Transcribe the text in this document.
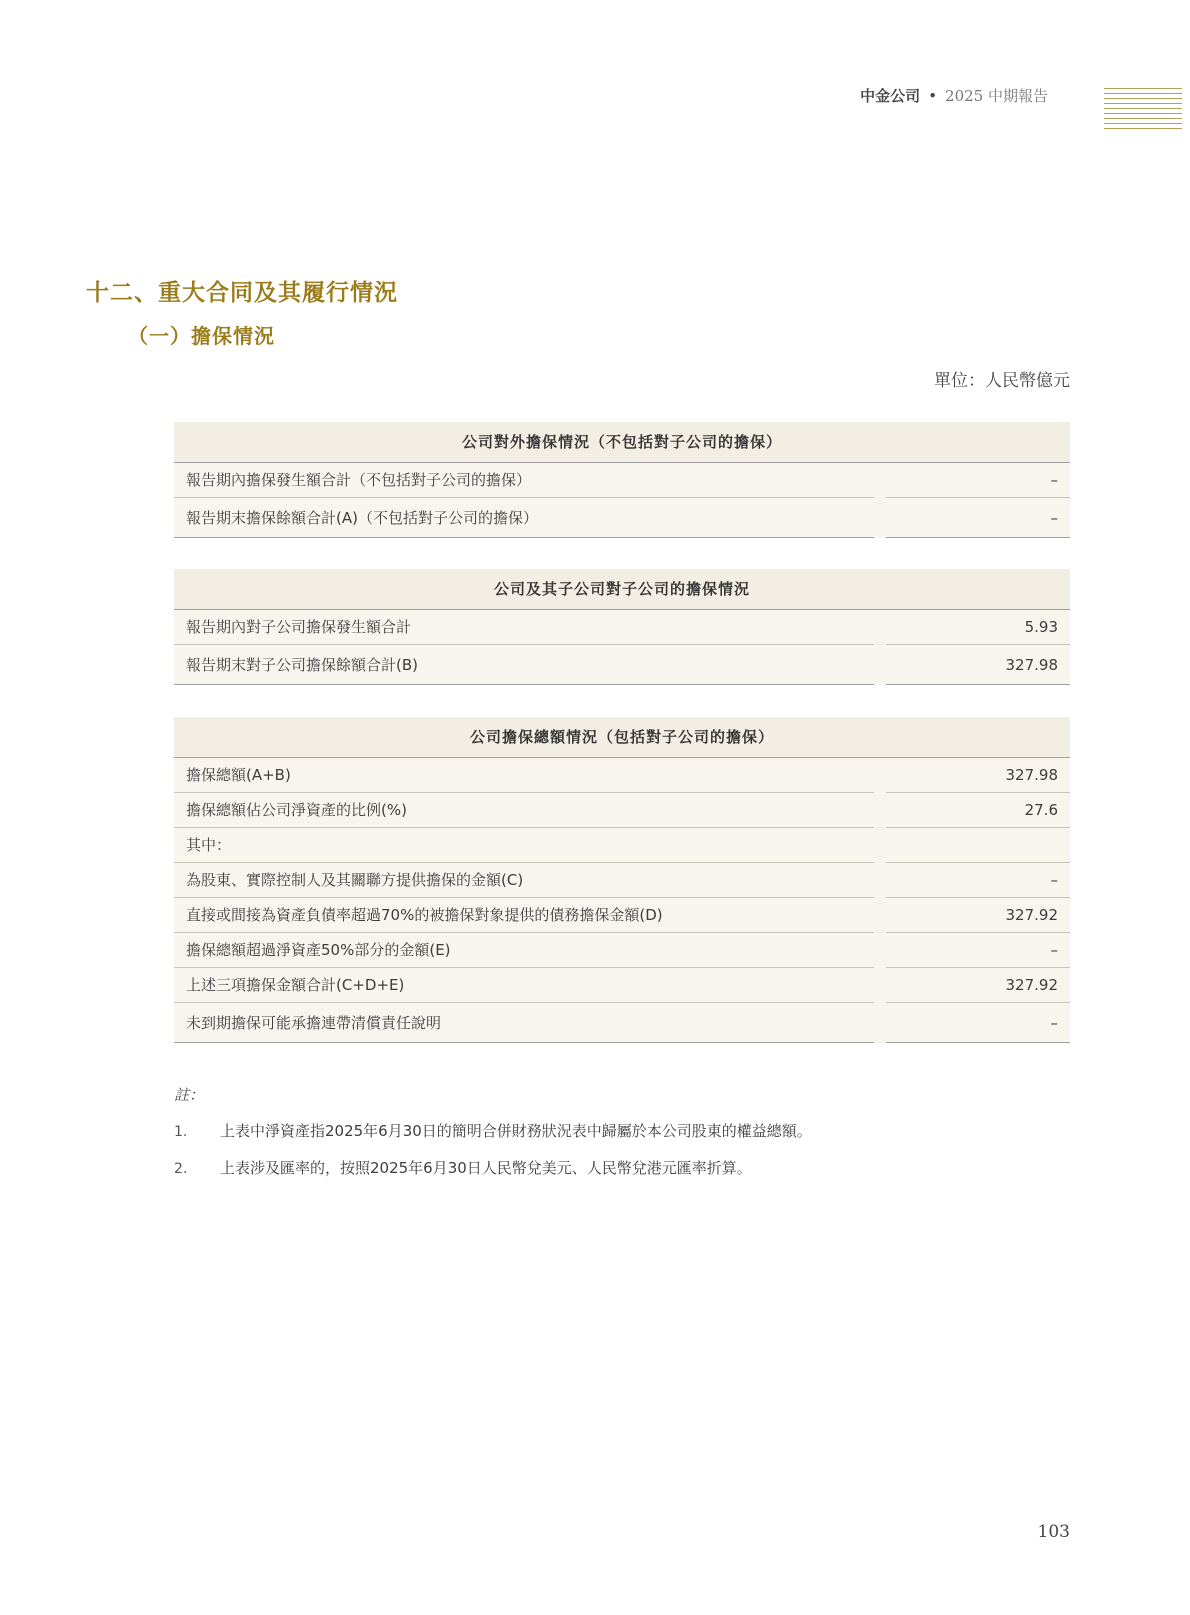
中金公司 • 2025 中期報告
十二、重大合同及其履行情況
（一）擔保情況
單位：人民幣億元
公司對外擔保情況（不包括對子公司的擔保）
報告期內擔保發生額合計（不包括對子公司的擔保）	–
報告期末擔保餘額合計(A)（不包括對子公司的擔保）	–
公司及其子公司對子公司的擔保情況
報告期內對子公司擔保發生額合計	5.93
報告期末對子公司擔保餘額合計(B)	327.98
公司擔保總額情況（包括對子公司的擔保）
擔保總額(A+B)	327.98
擔保總額佔公司淨資產的比例(%)	27.6
其中：
為股東、實際控制人及其關聯方提供擔保的金額(C)	–
直接或間接為資產負債率超過70%的被擔保對象提供的債務擔保金額(D)	327.92
擔保總額超過淨資產50%部分的金額(E)	–
上述三項擔保金額合計(C+D+E)	327.92
未到期擔保可能承擔連帶清償責任說明	–
註：
1. 上表中淨資產指2025年6月30日的簡明合併財務狀況表中歸屬於本公司股東的權益總額。
2. 上表涉及匯率的，按照2025年6月30日人民幣兌美元、人民幣兌港元匯率折算。
103
